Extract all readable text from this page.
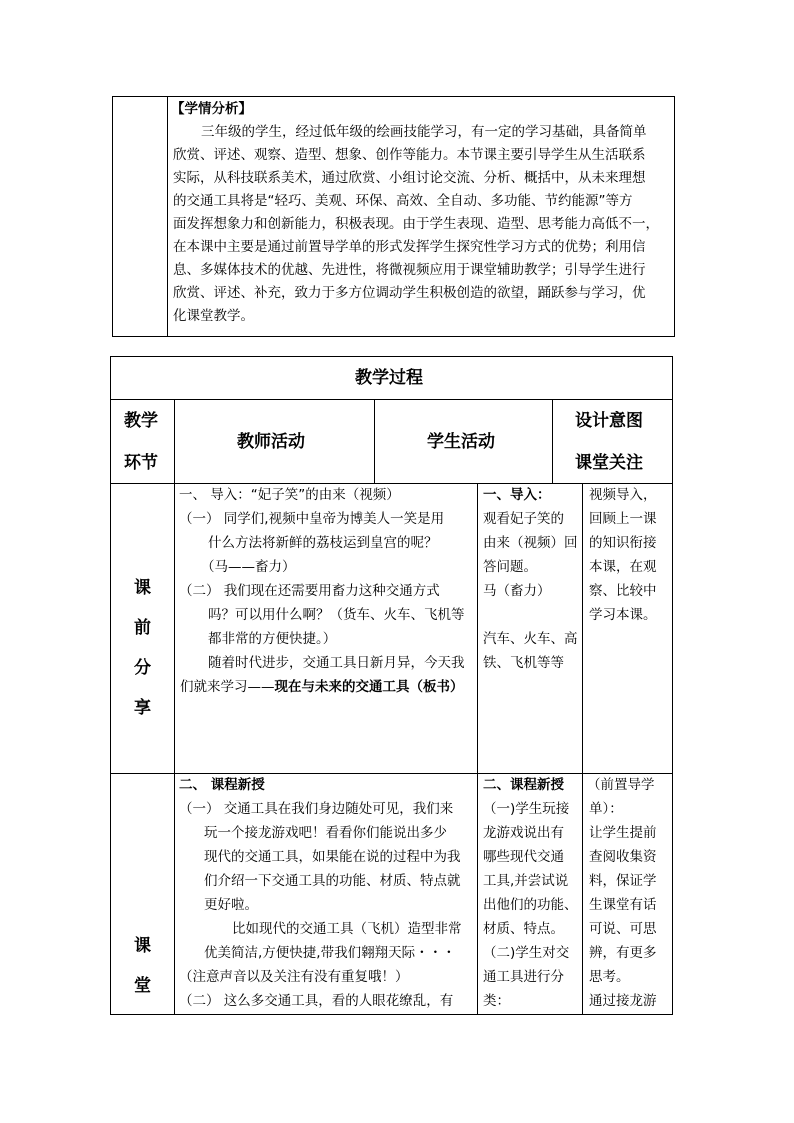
【学情分析】
三年级的学生，经过低年级的绘画技能学习，有一定的学习基础，具备简单
欣赏、评述、观察、造型、想象、创作等能力。本节课主要引导学生从生活联系
实际，从科技联系美术，通过欣赏、小组讨论交流、分析、概括中，从未来理想
的交通工具将是“轻巧、美观、环保、高效、全自动、多功能、节约能源”等方
面发挥想象力和创新能力，积极表现。由于学生表现、造型、思考能力高低不一，
在本课中主要是通过前置导学单的形式发挥学生探究性学习方式的优势；利用信
息、多媒体技术的优越、先进性，将微视频应用于课堂辅助教学；引导学生进行
欣赏、评述、补充，致力于多方位调动学生积极创造的欲望，踊跃参与学习，优
化课堂教学。
教学过程
教学
环节
教师活动	学生活动
设计意图
课堂关注
课
前
分
享
一、 导入：“妃子笑”的由来（视频）
（一） 同学们,视频中皇帝为博美人一笑是用
什么方法将新鲜的荔枝运到皇宫的呢？
（马——畜力）
（二） 我们现在还需要用畜力这种交通方式
吗？可以用什么啊？（货车、火车、飞机等
都非常的方便快捷。）
随着时代进步，交通工具日新月异，今天我
们就来学习——现在与未来的交通工具（板书）
一、导入：
观看妃子笑的
由来（视频）回
答问题。
马（畜力）
汽车、火车、高
铁、飞机等等
视频导入，
回顾上一课
的知识衔接
本课，在观
察、比较中
学习本课。
课
堂
二、 课程新授
（一） 交通工具在我们身边随处可见，我们来
玩一个接龙游戏吧！看看你们能说出多少
现代的交通工具，如果能在说的过程中为我
们介绍一下交通工具的功能、材质、特点就
更好啦。
比如现代的交通工具（飞机）造型非常
优美简洁,方便快捷,带我们翱翔天际・・・
（注意声音以及关注有没有重复哦！）
（二） 这么多交通工具，看的人眼花缭乱，有
二、课程新授
（一)学生玩接
龙游戏说出有
哪些现代交通
工具,并尝试说
出他们的功能、
材质、特点。
（二)学生对交
通工具进行分
类：
（前置导学
单）：
让学生提前
查阅收集资
料，保证学
生课堂有话
可说、可思
辨，有更多
思考。
通过接龙游
